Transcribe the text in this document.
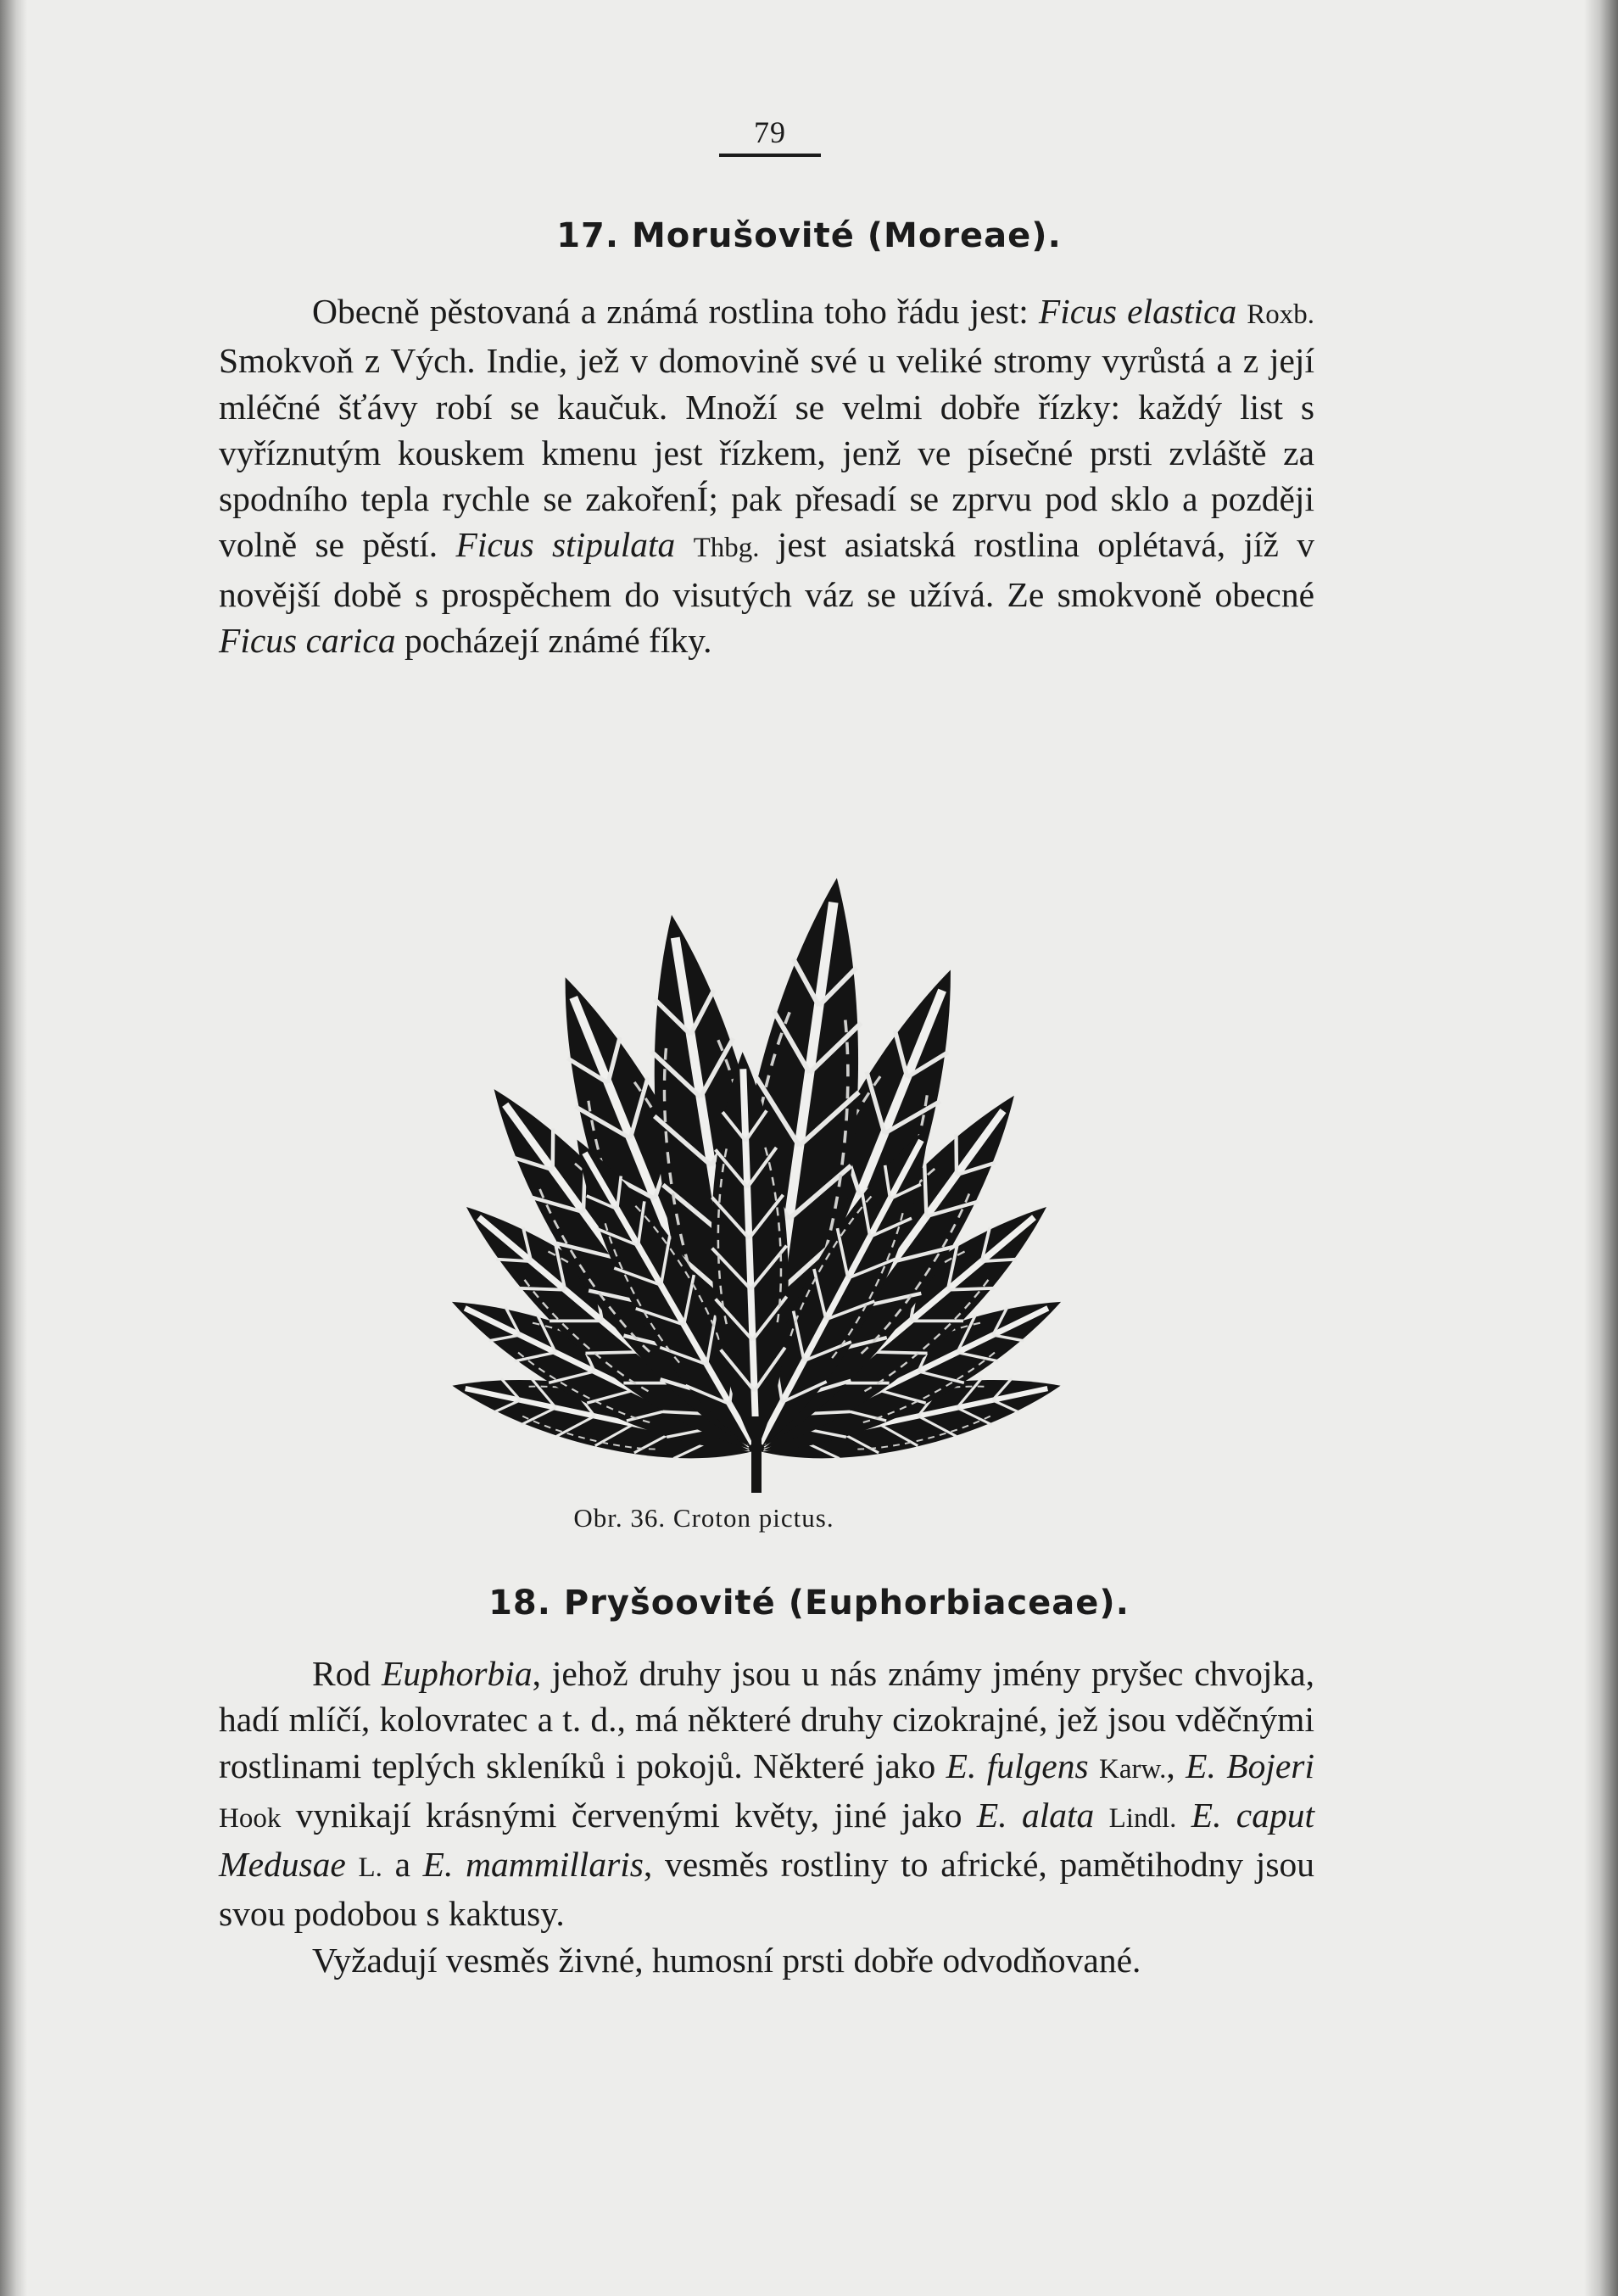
79
17. Morušovité (Moreae).

Obecně pěstovaná a známá rostlina toho řádu jest: Ficus elastica Roxb. Smokvoň z Vých. Indie, jež v domovině své u veliké stromy vyrůstá a z její mléčné šťávy robí se kaučuk. Množí se velmi dobře řízky: každý list s vyříznutým kouskem kmenu jest řízkem, jenž ve písečné prsti zvláště za spodního tepla rychle se zakořenÍ; pak přesadí se zprvu pod sklo a později volně se pěstí. Ficus stipulata Thbg. jest asiatská rostlina oplétavá, jíž v novější době s prospěchem do visutých váz se užívá. Ze smokvoně obecné Ficus carica pocházejí známé fíky.

Obr. 36. Croton pictus.
18. Pryšoovité (Euphorbiaceae).

Rod Euphorbia, jehož druhy jsou u nás známy jmény pryšec chvojka, hadí mlíčí, kolovratec a t. d., má některé druhy cizokrajné, jež jsou vděčnými rostlinami teplých skleníků i pokojů. Některé jako E. fulgens Karw., E. Bojeri Hook vynikají krásnými červenými květy, jiné jako E. alata Lindl. E. caput Medusae L. a E. mammillaris, vesměs rostliny to africké, pamětihodny jsou svou podobou s kaktusy.

Vyžadují vesměs živné, humosní prsti dobře odvodňované.
